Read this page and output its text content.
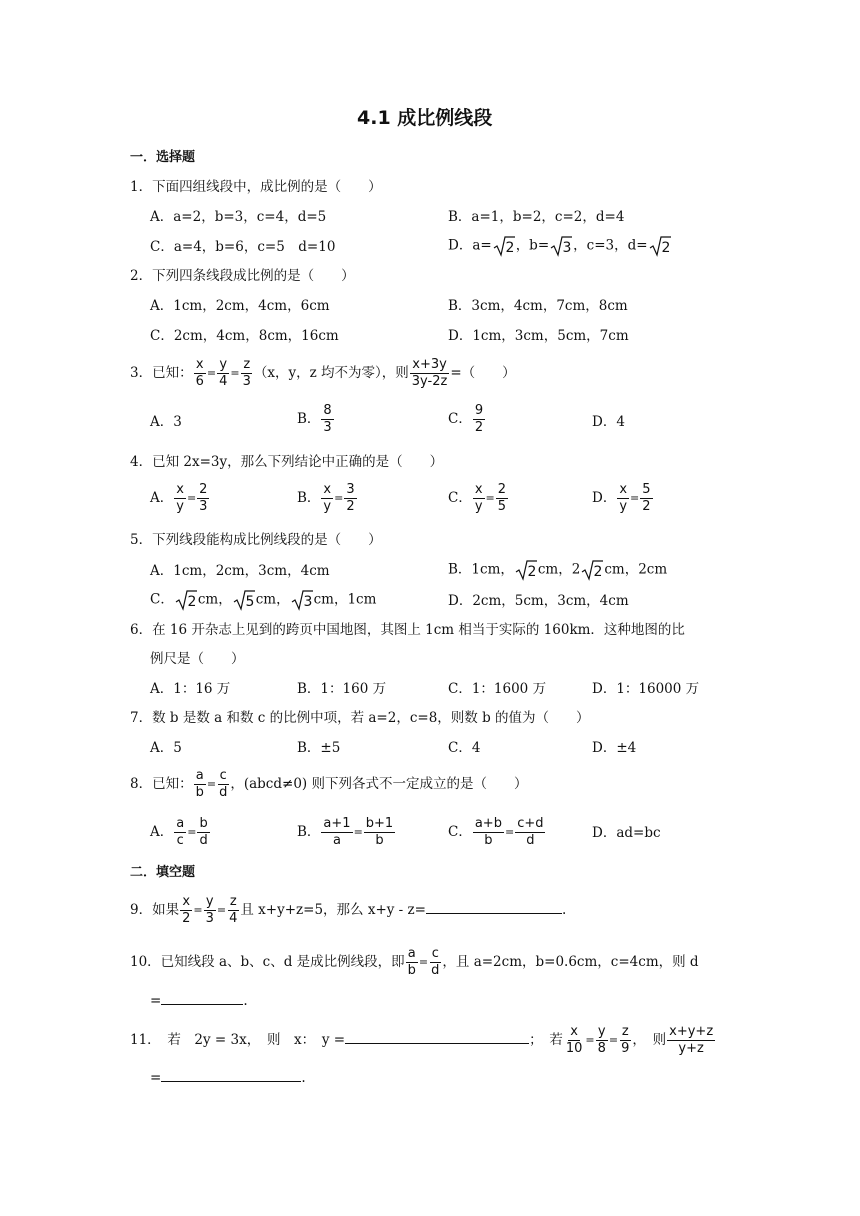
4.1 成比例线段
一．选择题
1．下面四组线段中，成比例的是（　　）
A．a=2，b=3，c=4，d=5	B．a=1，b=2，c=2，d=4
C．a=4，b=6，c=5　d=10	D．a= 2 ，b= 3 ，c=3，d= 2
2．下列四条线段成比例的是（　　）
A．1cm，2cm，4cm，6cm	B．3cm，4cm，7cm，8cm
C．2cm，4cm，8cm，16cm	D．1cm，3cm，5cm，7cm
3．已知： $\frac{x}{6} = \frac{y}{4} = \frac{z}{3} (x$，y，z 均不为零），则 $\frac{x+3y}{3y-2z}$ =（　　）
A．3	B． $\frac{8}{3}$	C． $\frac{9}{2}$	D．4
4．已知 2x=3y，那么下列结论中正确的是（　　）
A． $\frac{x}{y} = \frac{2}{3}$	B． $\frac{x}{y} = \frac{3}{2}$	C． $\frac{x}{y} = \frac{2}{5}$	D． $\frac{x}{y} = \frac{5}{2}$
5．下列线段能构成比例线段的是（　　）
A．1cm，2cm，3cm，4cm	B．1cm， 2 cm，2 2 cm，2cm
C． 2 cm， 5 cm， 3 cm，1cm	D．2cm，5cm，3cm，4cm
6．在 16 开杂志上见到的跨页中国地图，其图上 1cm 相当于实际的 160km．这种地图的比
例尺是（　　）
A．1：16 万	B．1：160 万	C．1：1600 万	D．1：16000 万
7．数 b 是数 a 和数 c 的比例中项，若 a=2，c=8，则数 b 的值为（　　）
A．5	B．±5	C．4	D．±4
8．已知： $\frac{a}{b} = \frac{c}{d}$ ，(abcd≠0) 则下列各式不一定成立的是（　　）
A． $\frac{a}{c} = \frac{b}{d}$	B． $\frac{a+1}{a} = \frac{b+1}{b}$	C． $\frac{a+b}{b} = \frac{c+d}{d}$	D．ad=bc
二．填空题
9．如果 $\frac{x}{2} = \frac{y}{3} = \frac{z}{4}$ 且 x+y+z=5，那么 x+y - z=	.
10．已知线段 a、b、c、d 是成比例线段，即 $\frac{a}{b} = \frac{c}{d}$ ，且 a=2cm，b=0.6cm，c=4cm，则 d
=	.
11．　若　2y = 3x，　则　x：　y =	；　若 $\frac{x}{10} = \frac{y}{8} = \frac{z}{9}$ ，　则 $\frac{x+y+z}{y+z}$
=	.
